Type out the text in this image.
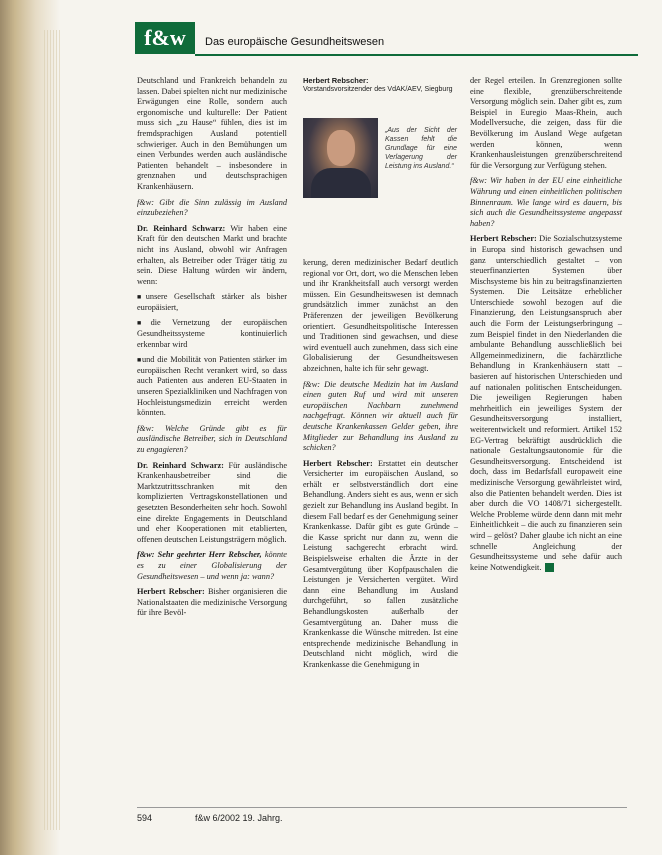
f&w	Das europäische Gesundheitswesen

Deutschland und Frankreich behandeln zu lassen. Dabei spielten nicht nur medizinische Erwägungen eine Rolle, sondern auch ergonomische und kulturelle: Der Patient muss sich „zu Hause“ fühlen, dies ist im fremdsprachigen Ausland potentiell schwieriger. Auch in den Bemühungen um einen Verbundes werden auch ausländische Patienten behandelt – insbesondere in grenznahen und deutschsprachigen Krankenhäusern.

f&w: Gibt die Sinn zulässig im Ausland einzubeziehen?

Dr. Reinhard Schwarz: Wir haben eine Kraft für den deutschen Markt und brachte nicht ins Ausland, obwohl wir Anfragen erhalten, als Betreiber oder Träger tätig zu sein. Diese Haltung würden wir ändern, wenn:

■ unsere Gesellschaft stärker als bisher europäisiert,

■ die Vernetzung der europäischen Gesundheitssysteme kontinuierlich erkennbar wird

■ und die Mobilität von Patienten stärker im europäischen Recht verankert wird, so dass auch Patienten aus anderen EU-Staaten in unseren Spezialkliniken und Nachfragen von Hochleistungsmedizin erreicht werden könnten.

f&w: Welche Gründe gibt es für ausländische Betreiber, sich in Deutschland zu engagieren?

Dr. Reinhard Schwarz: Für ausländische Krankenhausbetreiber sind die Marktzutrittsschranken mit den komplizierten Vertragskonstellationen und gesetzten Besonderheiten sehr hoch. Sowohl eine direkte Engagements in Deutschland und eher Kooperationen mit etablierten, offenen deutschen Leistungsträgern möglich.

f&w: Sehr geehrter Herr Rebscher, könnte es zu einer Globalisierung der Gesundheitswesen – und wenn ja: wann?

Herbert Rebscher: Bisher organisieren die Nationalstaaten die medizinische Versorgung für ihre Bevöl-

Herbert Rebscher:
Vorstandsvorsitzender des VdAK/AEV, Siegburg
„Aus der Sicht der Kassen fehlt die Grundlage für eine Verlagerung der Leistung ins Ausland.“

kerung, deren medizinischer Bedarf deutlich regional vor Ort, dort, wo die Menschen leben und ihr Krankheitsfall auch versorgt werden müssen. Ein Gesundheitswesen ist demnach grundsätzlich immer zunächst an den Präferenzen der jeweiligen Bevölkerung orientiert. Gesundheitspolitische Interessen und Traditionen sind gewachsen, und diese wird eventuell auch zunehmen, dass sich eine Globalisierung der Gesundheitswesen abzeichnen, halte ich für sehr gewagt.

f&w: Die deutsche Medizin hat im Ausland einen guten Ruf und wird mit unseren europäischen Nachbarn zunehmend nachgefragt. Können wir aktuell auch für deutsche Krankenkassen Gelder geben, ihre Mitglieder zur Behandlung ins Ausland zu schicken?

Herbert Rebscher: Erstattet ein deutscher Versicherter im europäischen Ausland, so erhält er selbstverständlich dort eine Behandlung. Anders sieht es aus, wenn er sich gezielt zur Behandlung ins Ausland begibt. In diesem Fall bedarf es der Genehmigung seiner Krankenkasse. Dafür gibt es gute Gründe – die Kasse spricht nur dann zu, wenn die Leistung sachgerecht erbracht wird. Beispielsweise erhalten die Ärzte in der Gesamtvergütung über Kopfpauschalen die Leistungen je Versicherten vergütet. Wird dann eine Behandlung im Ausland durchgeführt, so fallen zusätzliche Behandlungskosten außerhalb der Gesamtvergütung an. Daher muss die Krankenkasse die Wünsche mitreden. Ist eine entsprechende medizinische Behandlung in Deutschland nicht möglich, wird die Krankenkasse die Genehmigung in

der Regel erteilen. In Grenzregionen sollte eine flexible, grenzüberschreitende Versorgung möglich sein. Daher gibt es, zum Beispiel in Euregio Maas-Rhein, auch Modellversuche, die zeigen, dass für die Bevölkerung im Ausland Wege aufgetan werden können, wenn Krankenhausleistungen grenzüberschreitend für die Versorgung zur Verfügung stehen.

f&w: Wir haben in der EU eine einheitliche Währung und einen einheitlichen politischen Binnenraum. Wie lange wird es dauern, bis sich auch die Gesundheitssysteme angepasst haben?

Herbert Rebscher: Die Sozialschutzsysteme in Europa sind historisch gewachsen und ganz unterschiedlich gestaltet – von steuerfinanzierten Systemen über Mischsysteme bis hin zu beitragsfinanzierten Systemen. Die Leitsätze erheblicher Unterschiede sowohl bezogen auf die Finanzierung, den Leistungsanspruch aber auch die Form der Leistungserbringung – zum Beispiel findet in den Niederlanden die ambulante Behandlung ausschließlich bei Allgemeinmedizinern, die fachärztliche Behandlung in Krankenhäusern statt – basieren auf historischen Unterschieden und auf nationalen politischen Entscheidungen. Die jeweiligen Regierungen haben mehrheitlich ein jeweiliges System der Gesundheitsversorgung installiert, weiterentwickelt und reformiert. Artikel 152 EG-Vertrag bekräftigt ausdrücklich die nationale Gestaltungsautonomie für die Gesundheitsversorgung. Entscheidend ist doch, dass im Bedarfsfall europaweit eine medizinische Versorgung gewährleistet wird, also die Patienten behandelt werden. Dies ist aber durch die VO 1408/71 sichergestellt. Welche Probleme würde denn dann mit mehr Einheitlichkeit – die auch zu finanzieren sein wird – gelöst? Daher glaube ich nicht an eine schnelle Angleichung der Gesundheitssysteme und sehe dafür auch keine Notwendigkeit.

594	f&w 6/2002 19. Jahrg.
